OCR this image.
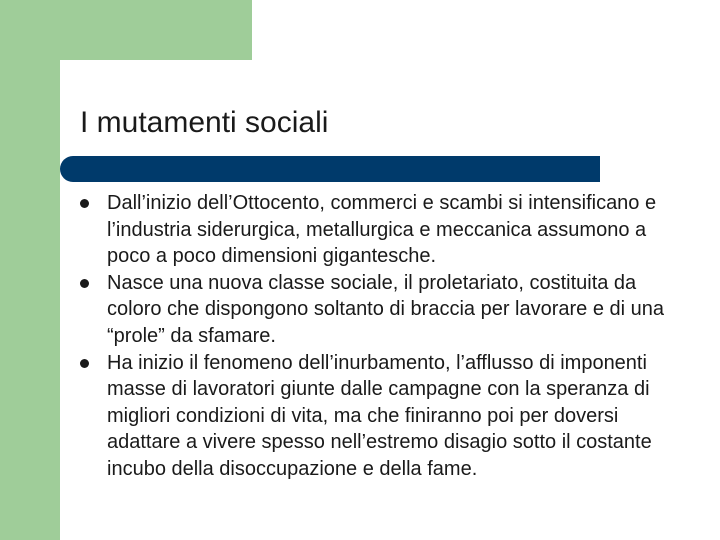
I mutamenti sociali
Dall’inizio dell’Ottocento, commerci e scambi si intensificano e l’industria siderurgica, metallurgica e meccanica assumono a poco a poco dimensioni gigantesche.
Nasce una nuova classe sociale, il proletariato, costituita da coloro che dispongono soltanto di braccia per lavorare e di una “prole” da sfamare.
Ha inizio il fenomeno dell’inurbamento, l’afflusso di imponenti masse di lavoratori giunte dalle campagne con la speranza di migliori condizioni di vita, ma che finiranno poi per doversi adattare a vivere spesso nell’estremo disagio sotto il costante incubo della disoccupazione e della fame.
